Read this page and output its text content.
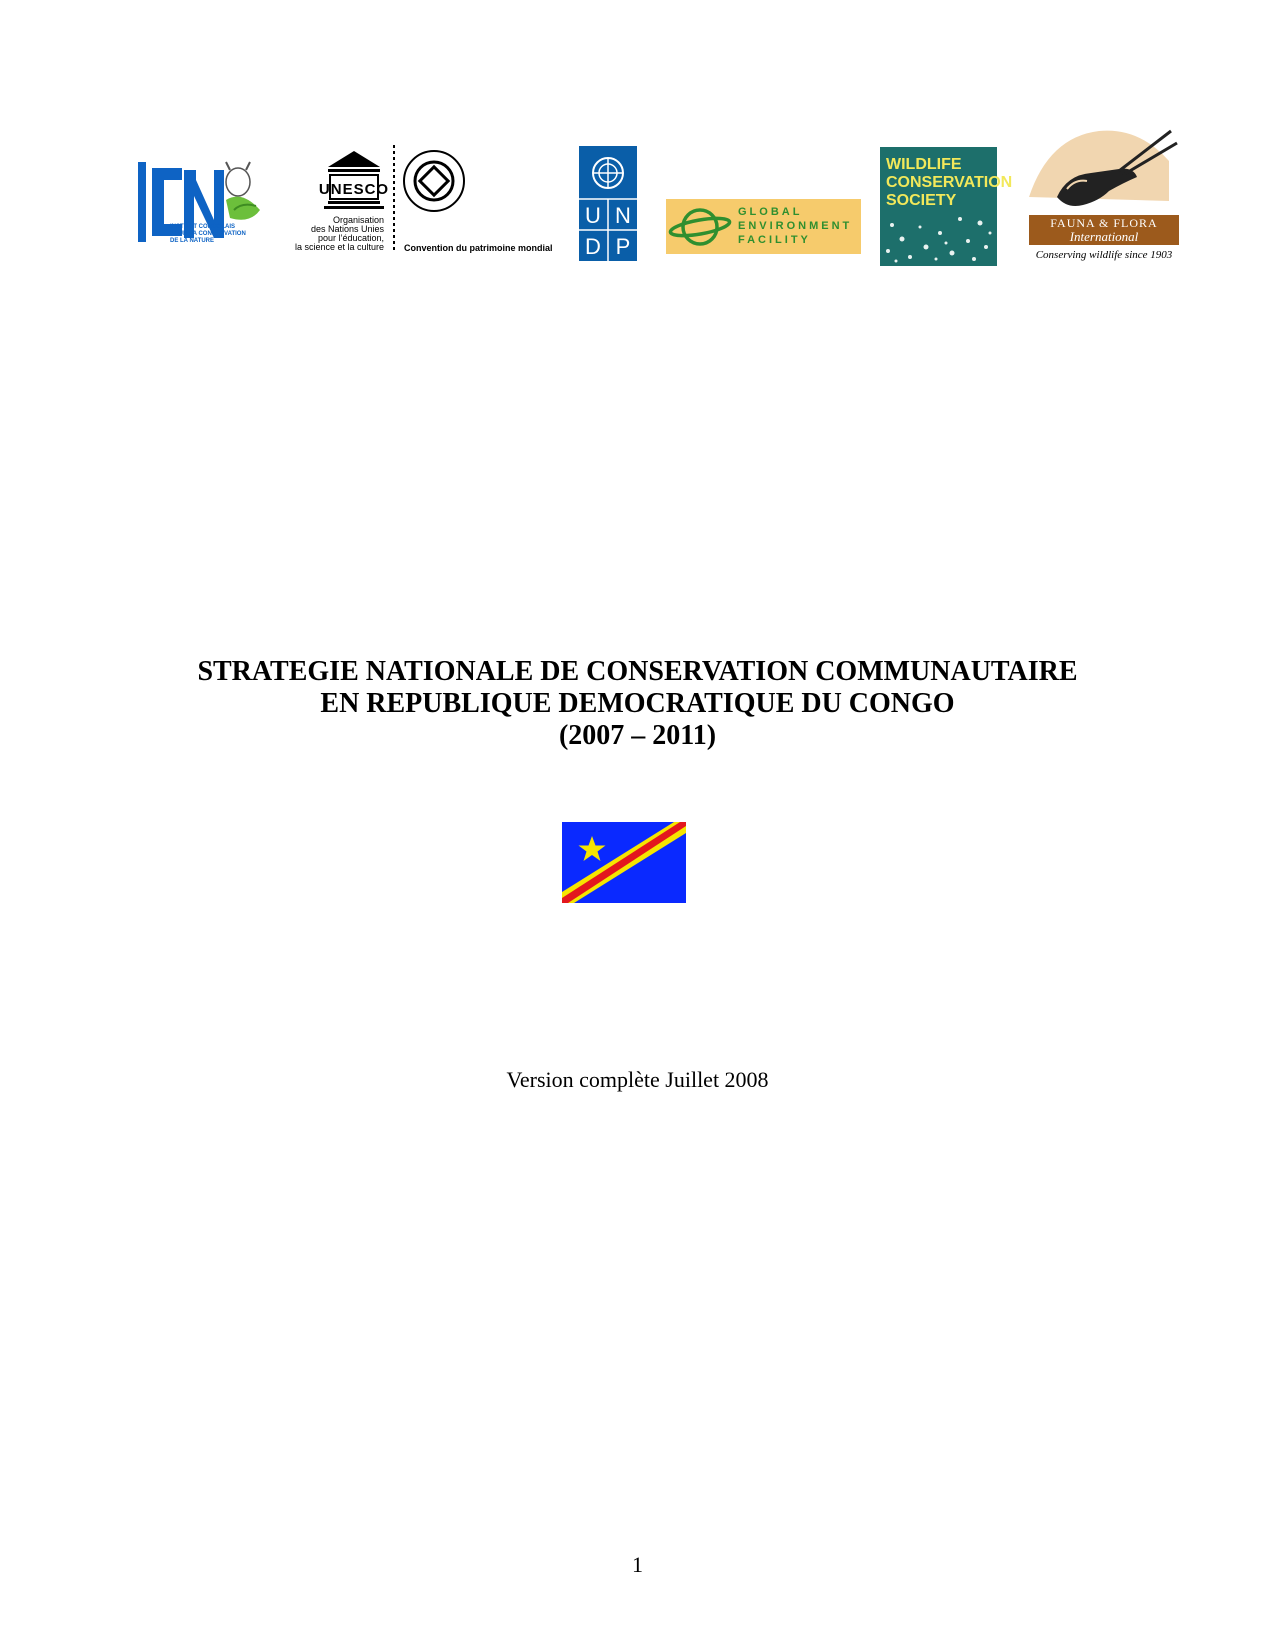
INSTITUT CONGOLAIS
POUR LA CONSERVATION
DE LA NATURE
UNESCO
Organisation
des Nations Unies
pour l’éducation,
la science et la culture Convention du patrimoine mondial
U N
D P
GLOBAL
ENVIRONMENT
FACILITY
WILDLIFE
CONSERVATION
SOCIETY
FAUNA & FLORA
International
Conserving wildlife since 1903
STRATEGIE NATIONALE DE CONSERVATION COMMUNAUTAIRE
EN REPUBLIQUE DEMOCRATIQUE DU CONGO
(2007 – 2011)
Version complète Juillet 2008
1
